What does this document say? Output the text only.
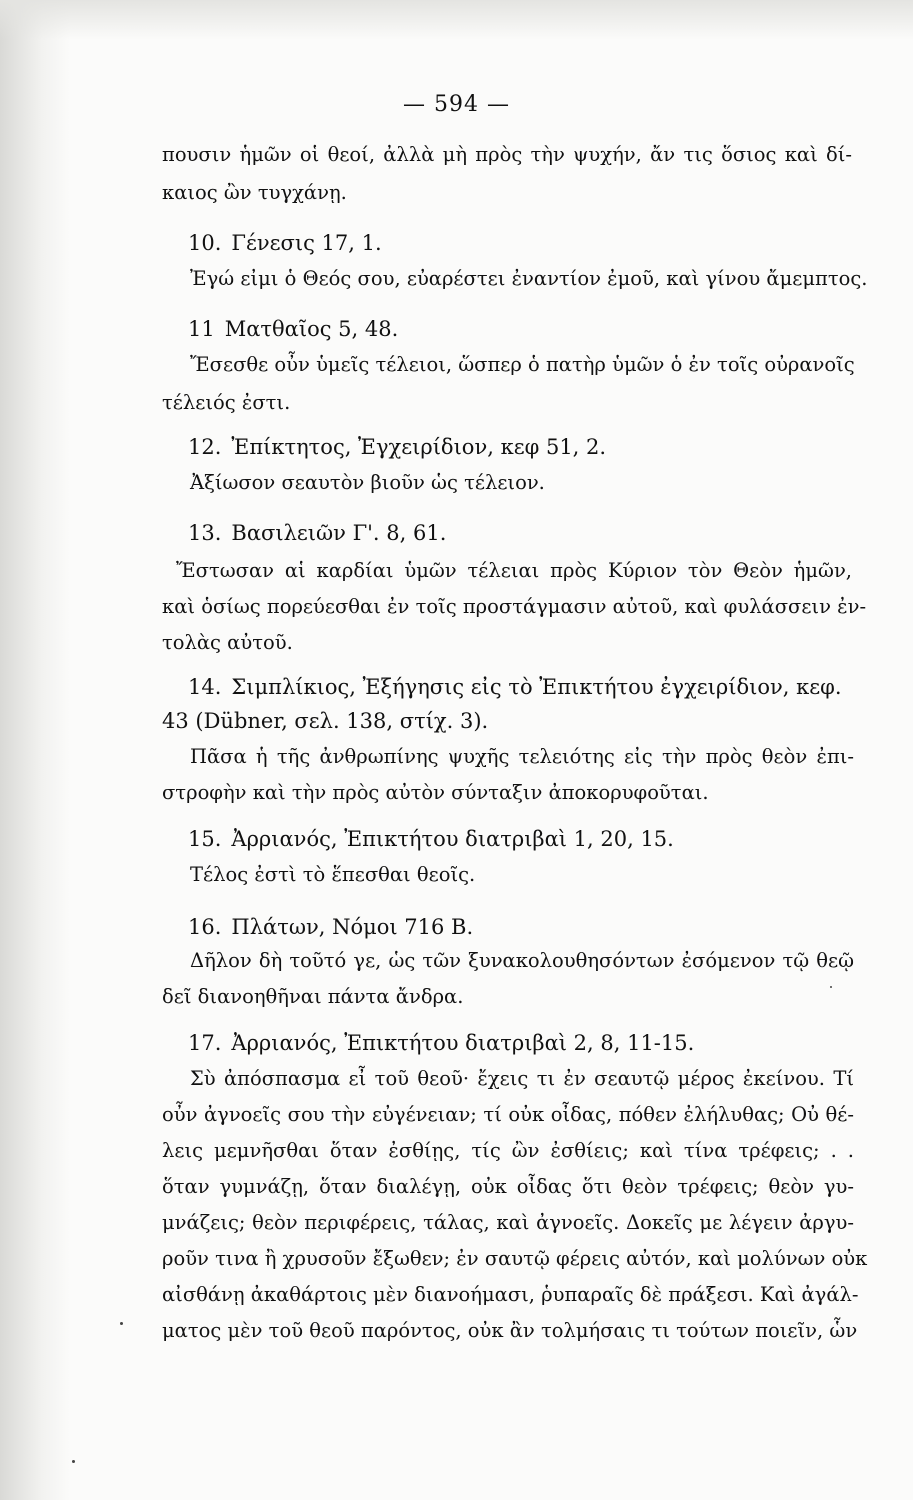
— 594 —
πουσιν ἡμῶν οἱ θεοί, ἀλλὰ μὴ πρὸς τὴν ψυχήν, ἄν τις ὅσιος καὶ δί-
καιος ὢν τυγχάνῃ.
10. Γένεσις 17, 1.
Ἐγώ εἰμι ὁ Θεός σου, εὐαρέστει ἐναντίον ἐμοῦ, καὶ γίνου ἄμεμπτος.
11 Ματθαῖος 5, 48.
Ἔσεσθε οὖν ὑμεῖς τέλειοι, ὥσπερ ὁ πατὴρ ὑμῶν ὁ ἐν τοῖς οὐρανοῖς
τέλειός ἐστι.
12. Ἐπίκτητος, Ἐγχειρίδιον, κεφ 51, 2.
Ἀξίωσον σεαυτὸν βιοῦν ὡς τέλειον.
13. Βασιλειῶν Γ'. 8, 61.
Ἔστωσαν αἱ καρδίαι ὑμῶν τέλειαι πρὸς Κύριον τὸν Θεὸν ἡμῶν,
καὶ ὁσίως πορεύεσθαι ἐν τοῖς προστάγμασιν αὐτοῦ, καὶ φυλάσσειν ἐν-
τολὰς αὐτοῦ.
14. Σιμπλίκιος, Ἐξήγησις εἰς τὸ Ἐπικτήτου ἐγχειρίδιον, κεφ.
43 (Dübner, σελ. 138, στίχ. 3).
Πᾶσα ἡ τῆς ἀνθρωπίνης ψυχῆς τελειότης εἰς τὴν πρὸς θεὸν ἐπι-
στροφὴν καὶ τὴν πρὸς αὐτὸν σύνταξιν ἀποκορυφοῦται.
15. Ἀρριανός, Ἐπικτήτου διατριβαὶ 1, 20, 15.
Τέλος ἐστὶ τὸ ἕπεσθαι θεοῖς.
16. Πλάτων, Νόμοι 716 Β.
Δῆλον δὴ τοῦτό γε, ὡς τῶν ξυνακολουθησόντων ἐσόμενον τῷ θεῷ
δεῖ διανοηθῆναι πάντα ἄνδρα.
17. Ἀρριανός, Ἐπικτήτου διατριβαὶ 2, 8, 11-15.
Σὺ ἀπόσπασμα εἶ τοῦ θεοῦ· ἔχεις τι ἐν σεαυτῷ μέρος ἐκείνου. Τί
οὖν ἀγνοεῖς σου τὴν εὐγένειαν; τί οὐκ οἶδας, πόθεν ἐλήλυθας; Οὐ θέ-
λεις μεμνῆσθαι ὅταν ἐσθίῃς, τίς ὢν ἐσθίεις; καὶ τίνα τρέφεις; . .
ὅταν γυμνάζῃ, ὅταν διαλέγῃ, οὐκ οἶδας ὅτι θεὸν τρέφεις; θεὸν γυ-
μνάζεις; θεὸν περιφέρεις, τάλας, καὶ ἀγνοεῖς. Δοκεῖς με λέγειν ἀργυ-
ροῦν τινα ἢ χρυσοῦν ἔξωθεν; ἐν σαυτῷ φέρεις αὐτόν, καὶ μολύνων οὐκ
αἰσθάνῃ ἀκαθάρτοις μὲν διανοήμασι, ῥυπαραῖς δὲ πράξεσι. Καὶ ἀγάλ-
ματος μὲν τοῦ θεοῦ παρόντος, οὐκ ἂν τολμήσαις τι τούτων ποιεῖν, ὧν
